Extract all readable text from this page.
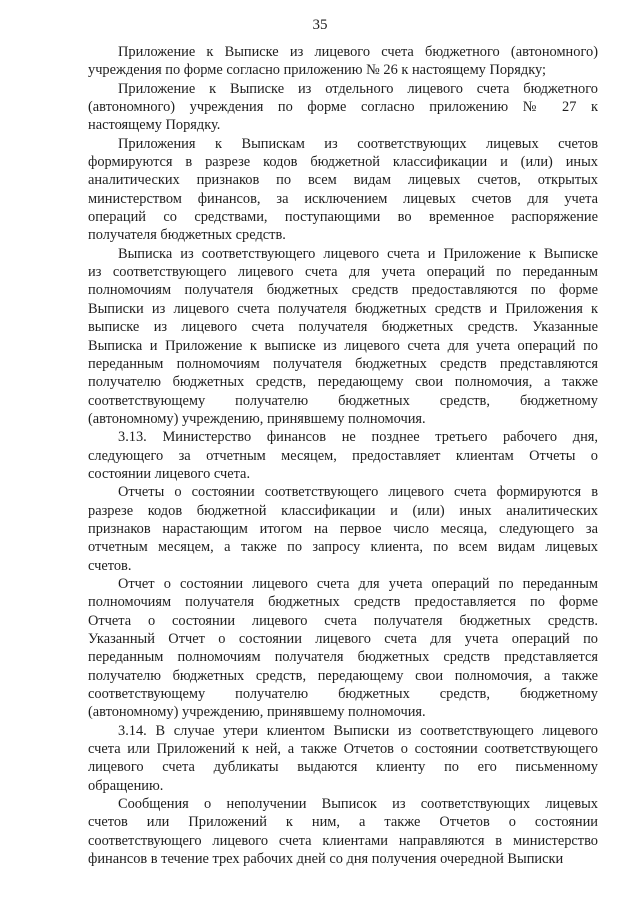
35
Приложение к Выписке из лицевого счета бюджетного (автономного)
учреждения по форме согласно приложению № 26 к настоящему Порядку;
Приложение к Выписке из отдельного лицевого счета бюджетного
(автономного) учреждения по форме согласно приложению № 27 к
настоящему Порядку.
Приложения к Выпискам из соответствующих лицевых счетов
формируются в разрезе кодов бюджетной классификации и (или) иных
аналитических признаков по всем видам лицевых счетов, открытых
министерством финансов, за исключением лицевых счетов для учета
операций со средствами, поступающими во временное распоряжение
получателя бюджетных средств.
Выписка из соответствующего лицевого счета и Приложение к Выписке
из соответствующего лицевого счета для учета операций по переданным
полномочиям получателя бюджетных средств предоставляются по форме
Выписки из лицевого счета получателя бюджетных средств и Приложения к
выписке из лицевого счета получателя бюджетных средств. Указанные
Выписка и Приложение к выписке из лицевого счета для учета операций по
переданным полномочиям получателя бюджетных средств представляются
получателю бюджетных средств, передающему свои полномочия, а также
соответствующему получателю бюджетных средств, бюджетному
(автономному) учреждению, принявшему полномочия.
3.13. Министерство финансов не позднее третьего рабочего дня,
следующего за отчетным месяцем, предоставляет клиентам Отчеты о
состоянии лицевого счета.
Отчеты о состоянии соответствующего лицевого счета формируются в
разрезе кодов бюджетной классификации и (или) иных аналитических
признаков нарастающим итогом на первое число месяца, следующего за
отчетным месяцем, а также по запросу клиента, по всем видам лицевых
счетов.
Отчет о состоянии лицевого счета для учета операций по переданным
полномочиям получателя бюджетных средств предоставляется по форме
Отчета о состоянии лицевого счета получателя бюджетных средств.
Указанный Отчет о состоянии лицевого счета для учета операций по
переданным полномочиям получателя бюджетных средств представляется
получателю бюджетных средств, передающему свои полномочия, а также
соответствующему получателю бюджетных средств, бюджетному
(автономному) учреждению, принявшему полномочия.
3.14. В случае утери клиентом Выписки из соответствующего лицевого
счета или Приложений к ней, а также Отчетов о состоянии соответствующего
лицевого счета дубликаты выдаются клиенту по его письменному
обращению.
Сообщения о неполучении Выписок из соответствующих лицевых
счетов или Приложений к ним, а также Отчетов о состоянии
соответствующего лицевого счета клиентами направляются в министерство
финансов в течение трех рабочих дней со дня получения очередной Выписки
